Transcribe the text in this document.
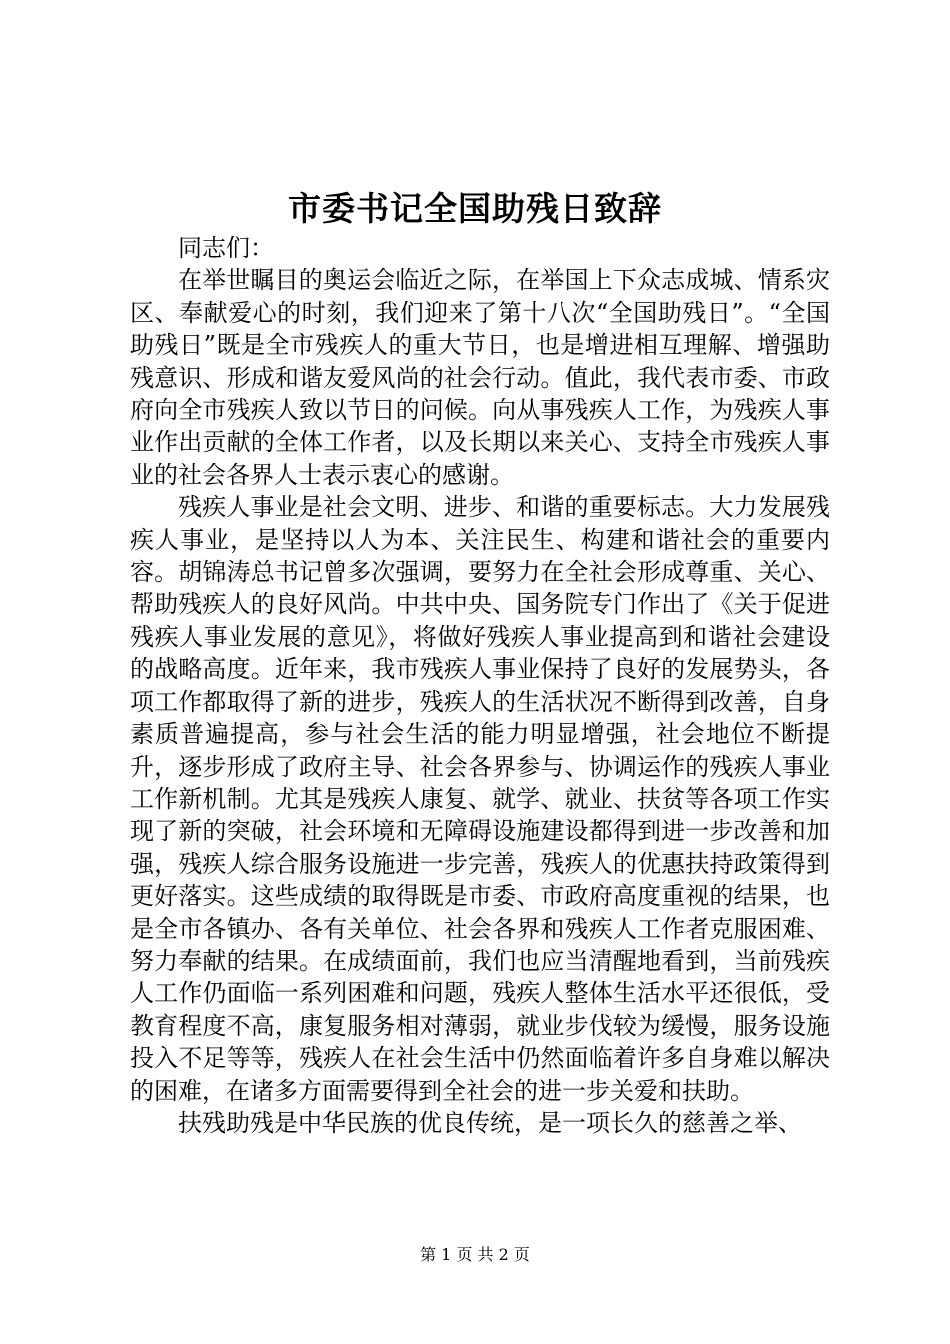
市委书记全国助残日致辞

同志们：

在举世瞩目的奥运会临近之际，在举国上下众志成城、情系灾区、奉献爱心的时刻，我们迎来了第十八次“全国助残日”。“全国助残日”既是全市残疾人的重大节日，也是增进相互理解、增强助残意识、形成和谐友爱风尚的社会行动。值此，我代表市委、市政府向全市残疾人致以节日的问候。向从事残疾人工作，为残疾人事业作出贡献的全体工作者，以及长期以来关心、支持全市残疾人事业的社会各界人士表示衷心的感谢。

残疾人事业是社会文明、进步、和谐的重要标志。大力发展残疾人事业，是坚持以人为本、关注民生、构建和谐社会的重要内容。胡锦涛总书记曾多次强调，要努力在全社会形成尊重、关心、帮助残疾人的良好风尚。中共中央、国务院专门作出了《关于促进残疾人事业发展的意见》，将做好残疾人事业提高到和谐社会建设的战略高度。近年来，我市残疾人事业保持了良好的发展势头，各项工作都取得了新的进步，残疾人的生活状况不断得到改善，自身素质普遍提高，参与社会生活的能力明显增强，社会地位不断提升，逐步形成了政府主导、社会各界参与、协调运作的残疾人事业工作新机制。尤其是残疾人康复、就学、就业、扶贫等各项工作实现了新的突破，社会环境和无障碍设施建设都得到进一步改善和加强，残疾人综合服务设施进一步完善，残疾人的优惠扶持政策得到更好落实。这些成绩的取得既是市委、市政府高度重视的结果，也是全市各镇办、各有关单位、社会各界和残疾人工作者克服困难、努力奉献的结果。在成绩面前，我们也应当清醒地看到，当前残疾人工作仍面临一系列困难和问题，残疾人整体生活水平还很低，受教育程度不高，康复服务相对薄弱，就业步伐较为缓慢，服务设施投入不足等等，残疾人在社会生活中仍然面临着许多自身难以解决的困难，在诸多方面需要得到全社会的进一步关爱和扶助。

扶残助残是中华民族的优良传统，是一项长久的慈善之举、

第 1 页 共 2 页
